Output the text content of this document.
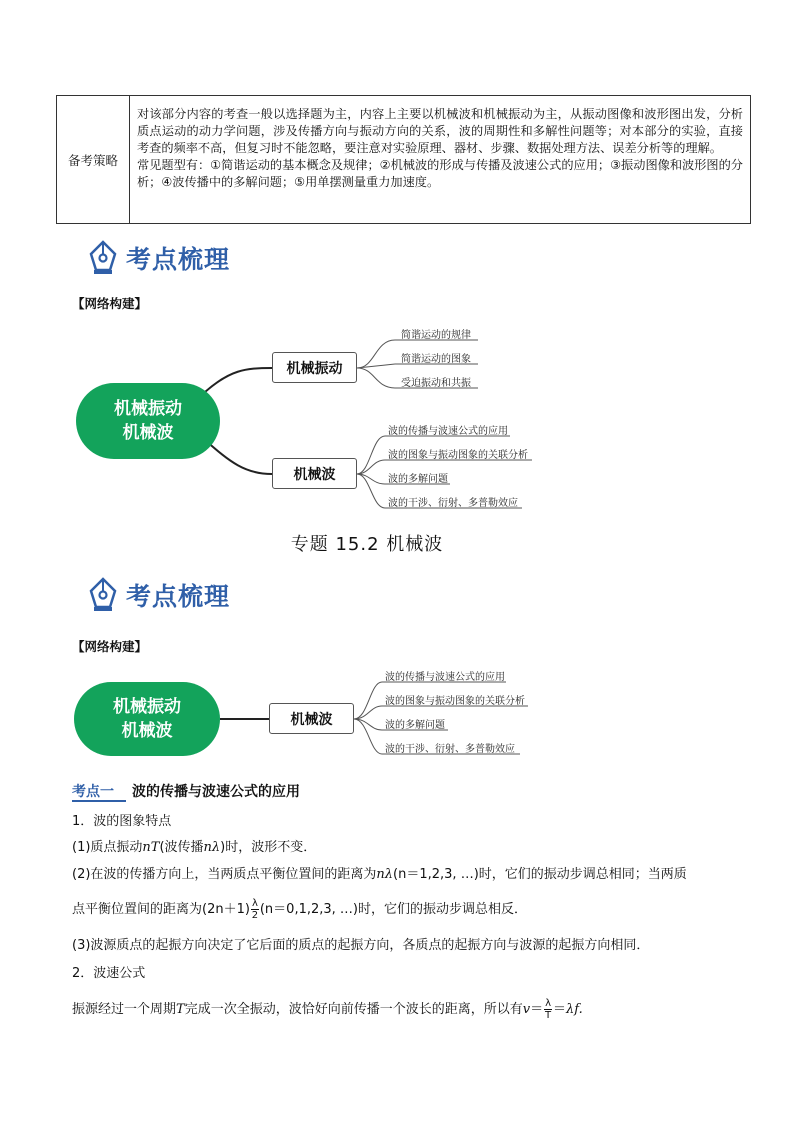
备考策略
对该部分内容的考查一般以选择题为主，内容上主要以机械波和机械振动为主，从振动图像和波形图出发，分析质点运动的动力学问题，涉及传播方向与振动方向的关系，波的周期性和多解性问题等；对本部分的实验，直接考查的频率不高，但复习时不能忽略，要注意对实验原理、器材、步骤、数据处理方法、误差分析等的理解。
常见题型有：①简谐运动的基本概念及规律；②机械波的形成与传播及波速公式的应用；③振动图像和波形图的分析；④波传播中的多解问题；⑤用单摆测量重力加速度。
考点梳理
【网络构建】
机械振动
机械波
机械振动
机械波
简谐运动的规律
简谐运动的图象
受迫振动和共振
波的传播与波速公式的应用
波的图象与振动图象的关联分析
波的多解问题
波的干涉、衍射、多普勒效应
专题 15.2 机械波
考点梳理
【网络构建】
机械振动
机械波
机械波
波的传播与波速公式的应用
波的图象与振动图象的关联分析
波的多解问题
波的干涉、衍射、多普勒效应
考点一 波的传播与波速公式的应用
1．波的图象特点
(1)质点振动nT(波传播nλ)时，波形不变．
(2)在波的传播方向上，当两质点平衡位置间的距离为nλ(n＝1,2,3, …)时，它们的振动步调总相同；当两质
点平衡位置间的距离为$(2n+1) \frac{\lambda}{2} (n=0,1,2,3$, …)时，它们的振动步调总相反．
(3)波源质点的起振方向决定了它后面的质点的起振方向，各质点的起振方向与波源的起振方向相同．
2．波速公式
振源经过一个周期T完成一次全振动，波恰好向前传播一个波长的距离，所以有$v= \frac{\lambda}{T} =\lambda f$.
